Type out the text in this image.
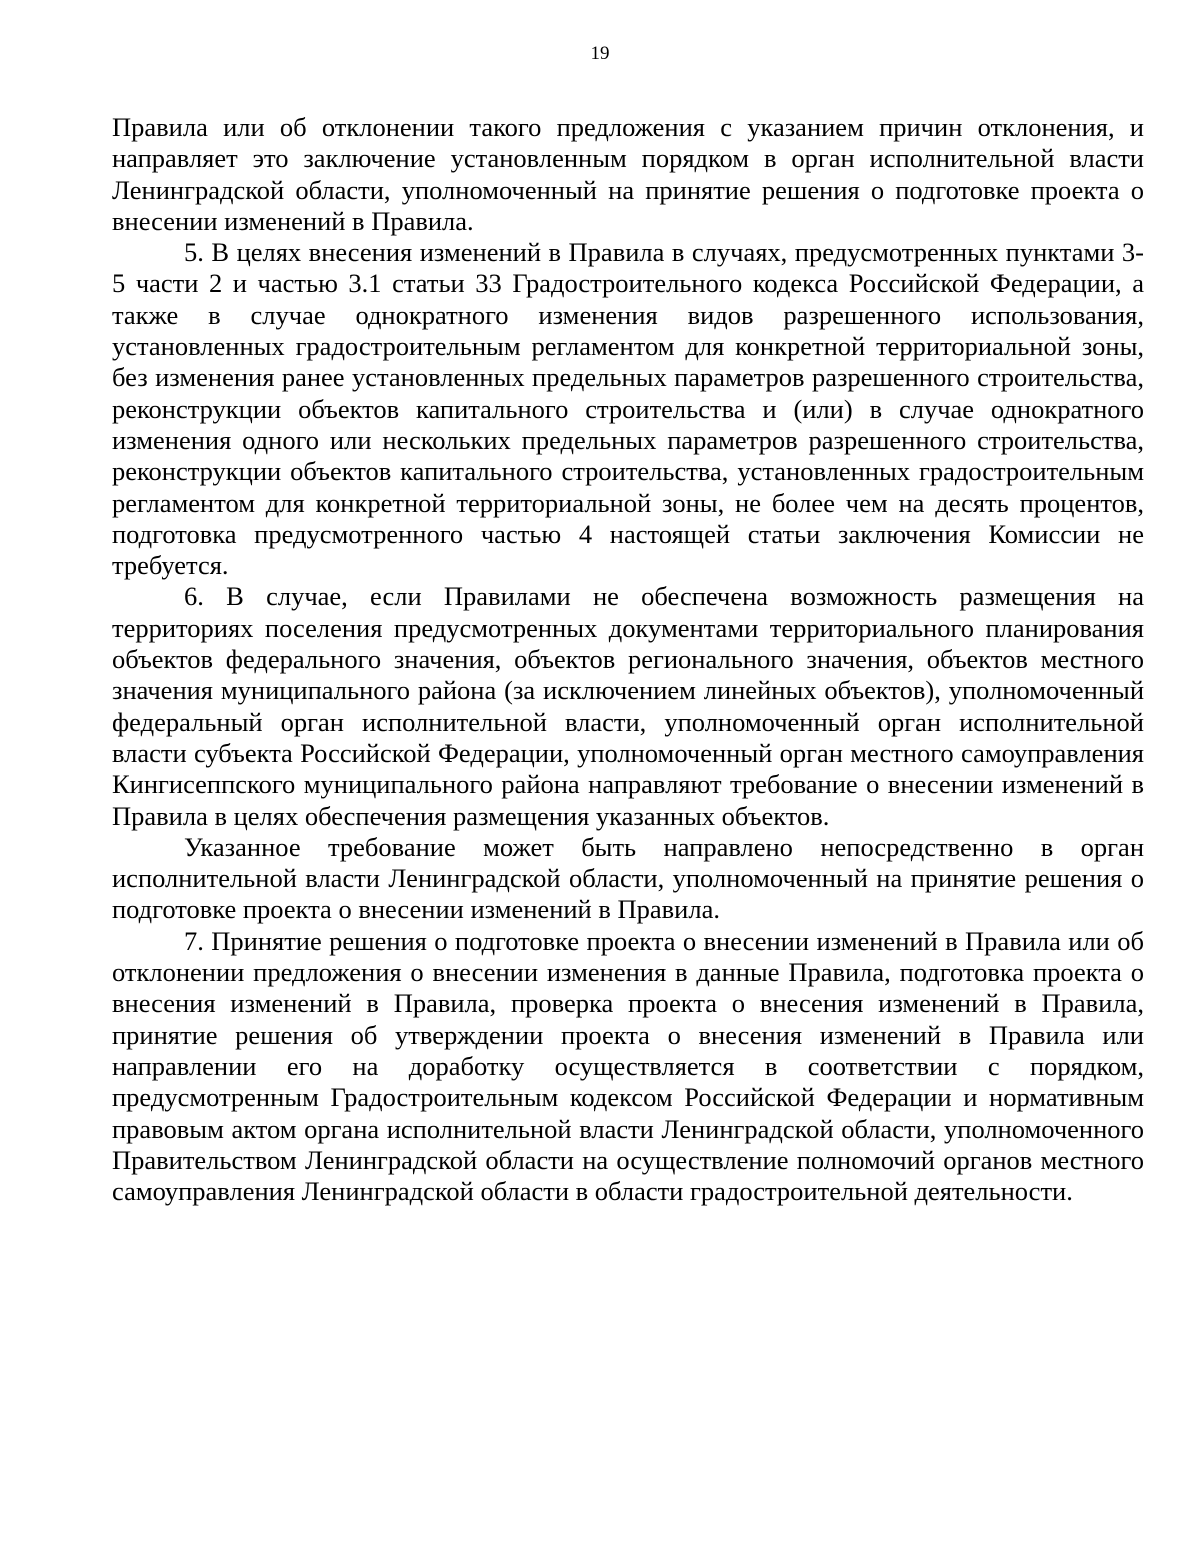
19

Правила или об отклонении такого предложения с указанием причин отклонения, и направляет это заключение установленным порядком в орган исполнительной власти Ленинградской области, уполномоченный на принятие решения о подготовке проекта о внесении изменений в Правила.

5. В целях внесения изменений в Правила в случаях, предусмотренных пунктами 3-5 части 2 и частью 3.1 статьи 33 Градостроительного кодекса Российской Федерации, а также в случае однократного изменения видов разрешенного использования, установленных градостроительным регламентом для конкретной территориальной зоны, без изменения ранее установленных предельных параметров разрешенного строительства, реконструкции объектов капитального строительства и (или) в случае однократного изменения одного или нескольких предельных параметров разрешенного строительства, реконструкции объектов капитального строительства, установленных градостроительным регламентом для конкретной территориальной зоны, не более чем на десять процентов, подготовка предусмотренного частью 4 настоящей статьи заключения Комиссии не требуется.

6. В случае, если Правилами не обеспечена возможность размещения на территориях поселения предусмотренных документами территориального планирования объектов федерального значения, объектов регионального значения, объектов местного значения муниципального района (за исключением линейных объектов), уполномоченный федеральный орган исполнительной власти, уполномоченный орган исполнительной власти субъекта Российской Федерации, уполномоченный орган местного самоуправления Кингисеппского муниципального района направляют требование о внесении изменений в Правила в целях обеспечения размещения указанных объектов.

Указанное требование может быть направлено непосредственно в орган исполнительной власти Ленинградской области, уполномоченный на принятие решения о подготовке проекта о внесении изменений в Правила.

7. Принятие решения о подготовке проекта о внесении изменений в Правила или об отклонении предложения о внесении изменения в данные Правила, подготовка проекта о внесения изменений в Правила, проверка проекта о внесения изменений в Правила, принятие решения об утверждении проекта о внесения изменений в Правила или направлении его на доработку осуществляется в соответствии с порядком, предусмотренным Градостроительным кодексом Российской Федерации и нормативным правовым актом органа исполнительной власти Ленинградской области, уполномоченного Правительством Ленинградской области на осуществление полномочий органов местного самоуправления Ленинградской области в области градостроительной деятельности.
